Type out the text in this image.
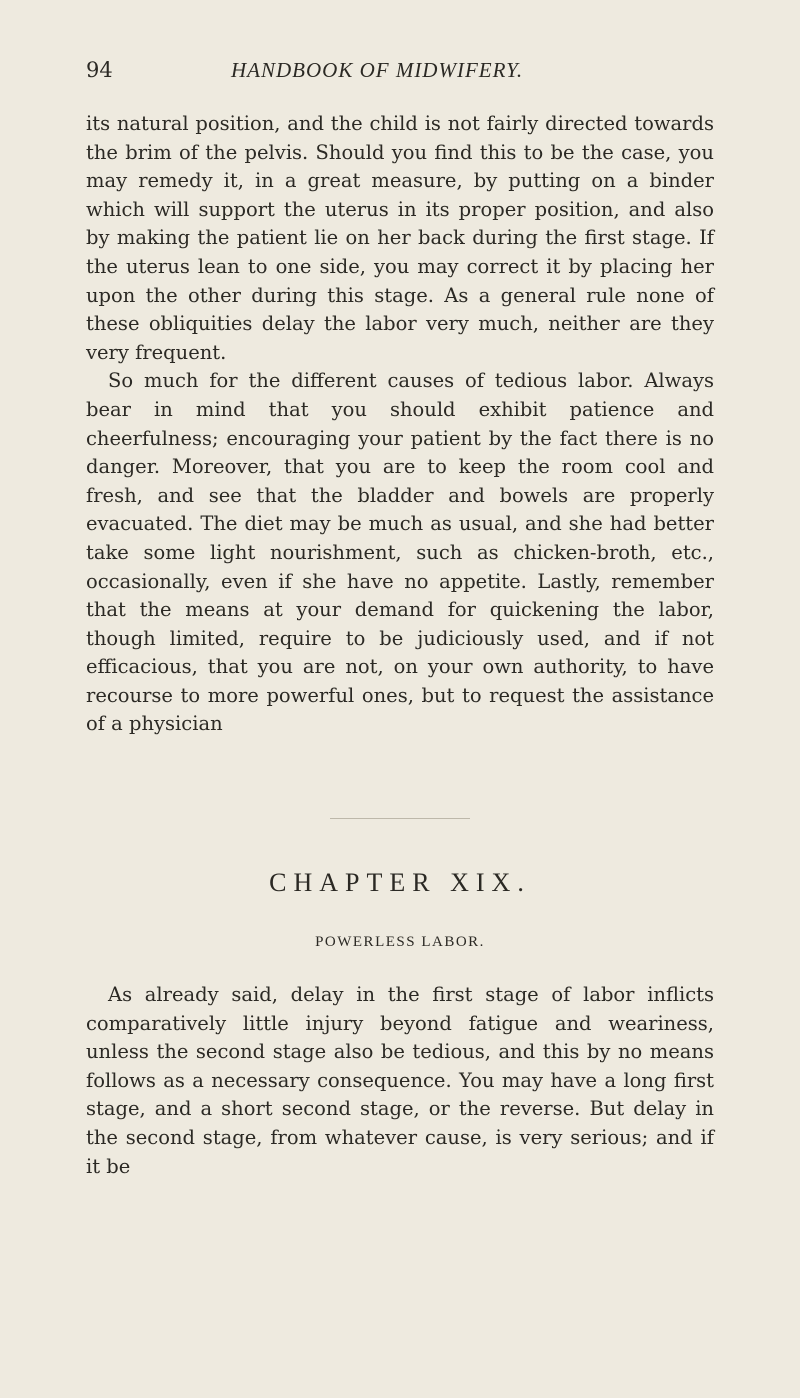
94	HANDBOOK OF MIDWIFERY.

its natural position, and the child is not fairly directed towards the brim of the pelvis. Should you find this to be the case, you may remedy it, in a great measure, by putting on a binder which will support the uterus in its proper position, and also by making the patient lie on her back during the first stage. If the uterus lean to one side, you may correct it by placing her upon the other during this stage. As a general rule none of these obliquities delay the labor very much, neither are they very frequent.

So much for the different causes of tedious labor. Always bear in mind that you should exhibit patience and cheerfulness; encouraging your patient by the fact there is no danger. Moreover, that you are to keep the room cool and fresh, and see that the bladder and bowels are properly evacuated. The diet may be much as usual, and she had better take some light nourishment, such as chicken-broth, etc., occasionally, even if she have no appetite. Lastly, remember that the means at your demand for quickening the labor, though limited, require to be judiciously used, and if not efficacious, that you are not, on your own authority, to have recourse to more powerful ones, but to request the assistance of a physician

CHAPTER XIX.
POWERLESS LABOR.

As already said, delay in the first stage of labor inflicts comparatively little injury beyond fatigue and weariness, unless the second stage also be tedious, and this by no means follows as a necessary consequence. You may have a long first stage, and a short second stage, or the reverse. But delay in the second stage, from whatever cause, is very serious; and if it be
